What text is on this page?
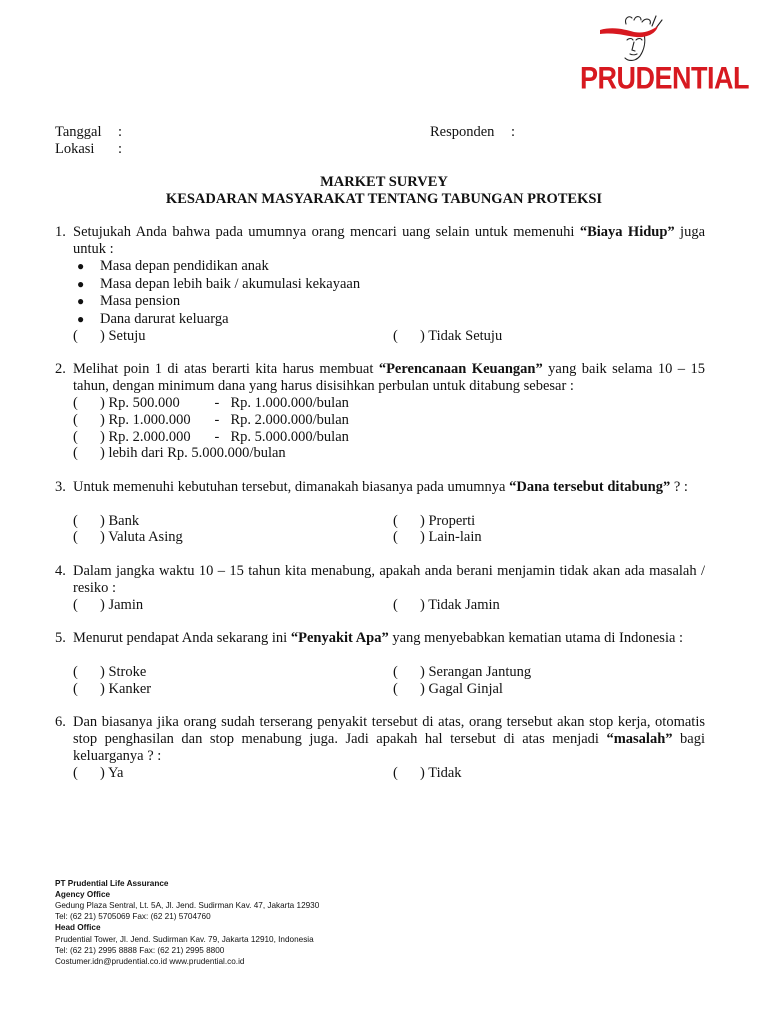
PRUDENTIAL
Tanggal :
Lokasi :
Responden :
MARKET SURVEY
KESADARAN MASYARAKAT TENTANG TABUNGAN PROTEKSI
1. Setujukah Anda bahwa pada umumnya orang mencari uang selain untuk memenuhi “Biaya Hidup” juga untuk :
● Masa depan pendidikan anak
● Masa depan lebih baik / akumulasi kekayaan
● Masa pension
● Dana darurat keluarga
( ) Setuju	( ) Tidak Setuju
2. Melihat poin 1 di atas berarti kita harus membuat “Perencanaan Keuangan” yang baik selama 10 – 15 tahun, dengan minimum dana yang harus disisihkan perbulan untuk ditabung sebesar :
( ) Rp. 500.000 - Rp. 1.000.000/bulan
( ) Rp. 1.000.000 - Rp. 2.000.000/bulan
( ) Rp. 2.000.000 - Rp. 5.000.000/bulan
( ) lebih dari Rp. 5.000.000/bulan
3. Untuk memenuhi kebutuhan tersebut, dimanakah biasanya pada umumnya “Dana tersebut ditabung” ? :
( ) Bank	( ) Properti
( ) Valuta Asing	( ) Lain-lain
4. Dalam jangka waktu 10 – 15 tahun kita menabung, apakah anda berani menjamin tidak akan ada masalah / resiko :
( ) Jamin	( ) Tidak Jamin
5. Menurut pendapat Anda sekarang ini “Penyakit Apa” yang menyebabkan kematian utama di Indonesia :
( ) Stroke	( ) Serangan Jantung
( ) Kanker	( ) Gagal Ginjal
6. Dan biasanya jika orang sudah terserang penyakit tersebut di atas, orang tersebut akan stop kerja, otomatis stop penghasilan dan stop menabung juga. Jadi apakah hal tersebut di atas menjadi “masalah” bagi keluarganya ? :
( ) Ya	( ) Tidak
PT Prudential Life Assurance
Agency Office
Gedung Plaza Sentral, Lt. 5A, Jl. Jend. Sudirman Kav. 47, Jakarta 12930
Tel: (62 21) 5705069 Fax: (62 21) 5704760
Head Office
Prudential Tower, Jl. Jend. Sudirman Kav. 79, Jakarta 12910, Indonesia
Tel: (62 21) 2995 8888 Fax: (62 21) 2995 8800
Costumer.idn@prudential.co.id www.prudential.co.id
